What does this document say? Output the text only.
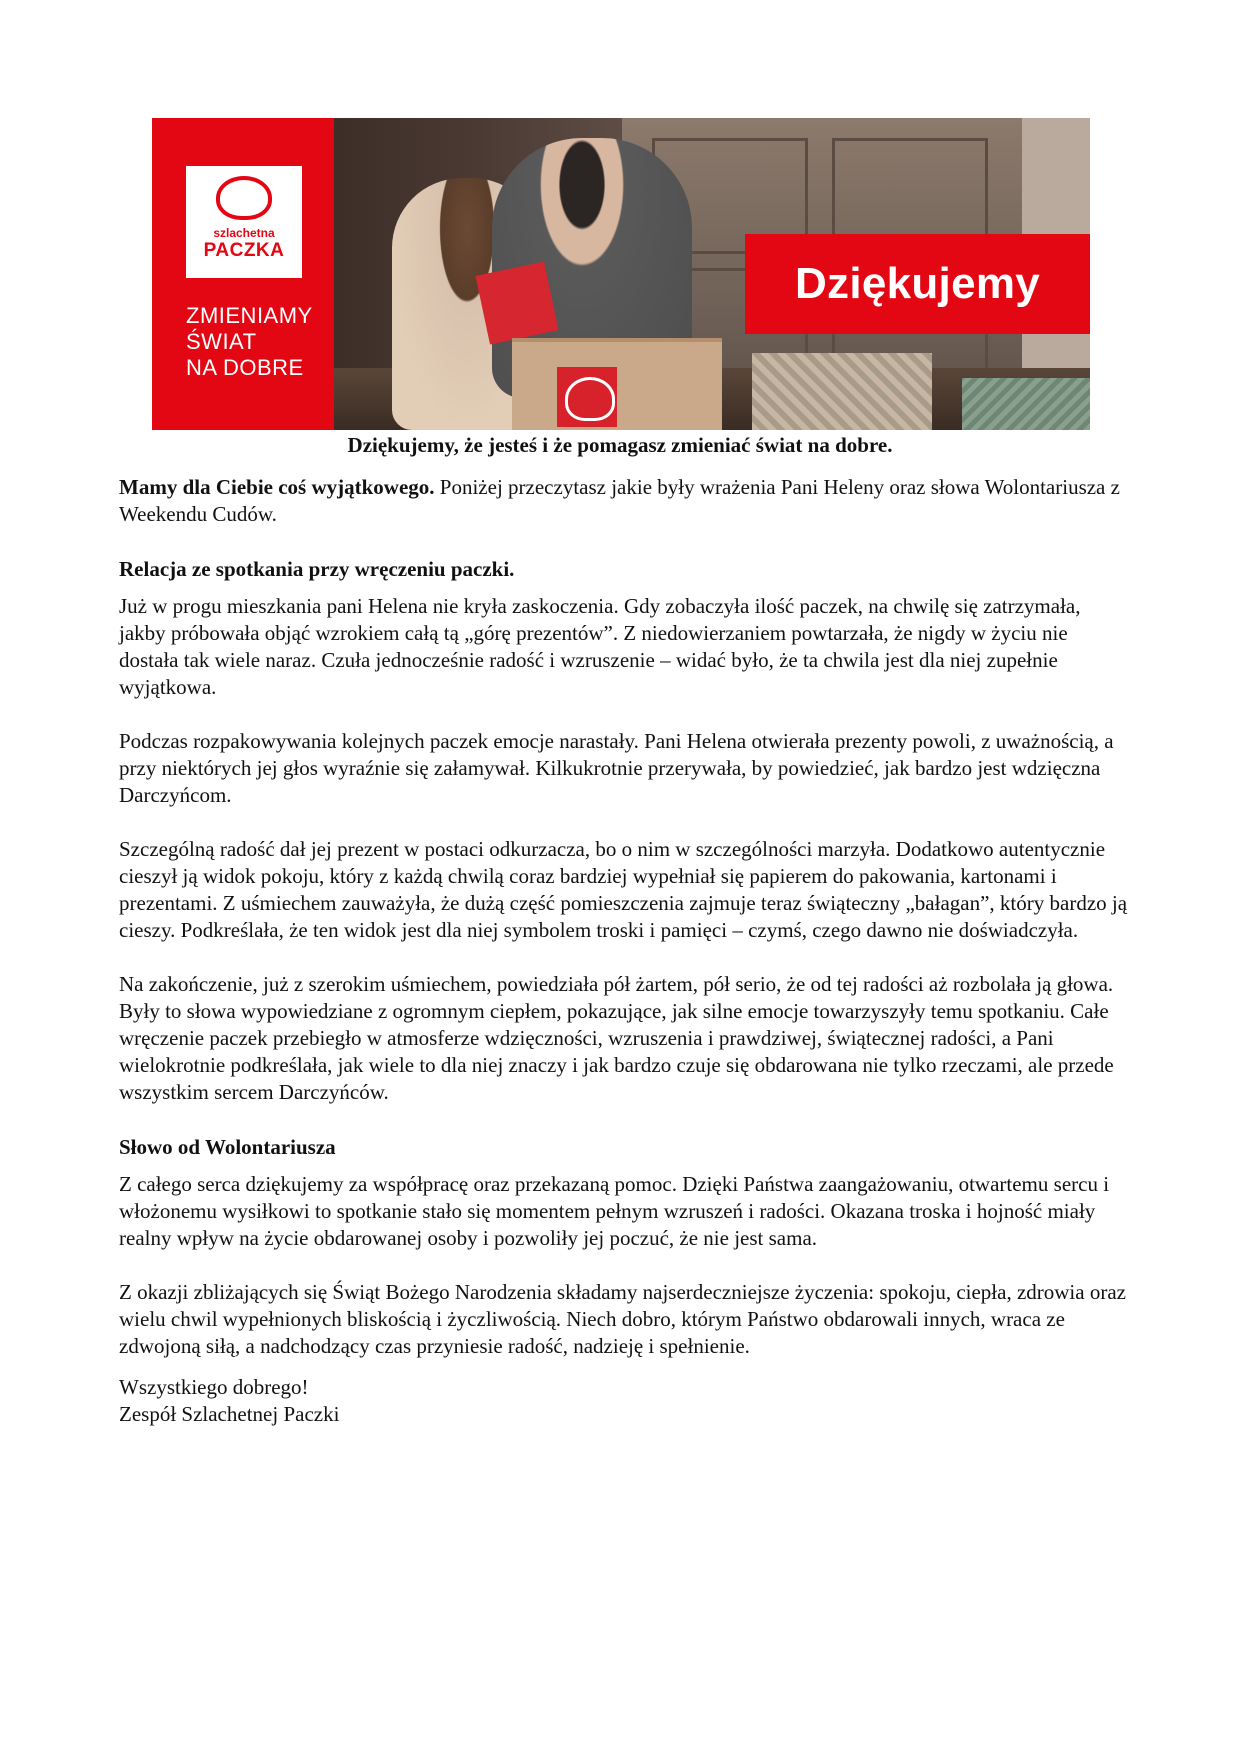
szlachetna
PACZKA
ZMIENIAMY
ŚWIAT
NA DOBRE
Dziękujemy
Dziękujemy, że jesteś i że pomagasz zmieniać świat na dobre.

Mamy dla Ciebie coś wyjątkowego. Poniżej przeczytasz jakie były wrażenia Pani Heleny oraz słowa Wolontariusza z Weekendu Cudów.

Relacja ze spotkania przy wręczeniu paczki.

Już w progu mieszkania pani Helena nie kryła zaskoczenia. Gdy zobaczyła ilość paczek, na chwilę się zatrzymała, jakby próbowała objąć wzrokiem całą tą „górę prezentów”. Z niedowierzaniem powtarzała, że nigdy w życiu nie dostała tak wiele naraz. Czuła jednocześnie radość i wzruszenie – widać było, że ta chwila jest dla niej zupełnie wyjątkowa.

Podczas rozpakowywania kolejnych paczek emocje narastały. Pani Helena otwierała prezenty powoli, z uważnością, a przy niektórych jej głos wyraźnie się załamywał. Kilkukrotnie przerywała, by powiedzieć, jak bardzo jest wdzięczna Darczyńcom.

Szczególną radość dał jej prezent w postaci odkurzacza, bo o nim w szczególności marzyła. Dodatkowo autentycznie cieszył ją widok pokoju, który z każdą chwilą coraz bardziej wypełniał się papierem do pakowania, kartonami i prezentami. Z uśmiechem zauważyła, że dużą część pomieszczenia zajmuje teraz świąteczny „bałagan”, który bardzo ją cieszy. Podkreślała, że ten widok jest dla niej symbolem troski i pamięci – czymś, czego dawno nie doświadczyła.

Na zakończenie, już z szerokim uśmiechem, powiedziała pół żartem, pół serio, że od tej radości aż rozbolała ją głowa. Były to słowa wypowiedziane z ogromnym ciepłem, pokazujące, jak silne emocje towarzyszyły temu spotkaniu. Całe wręczenie paczek przebiegło w atmosferze wdzięczności, wzruszenia i prawdziwej, świątecznej radości, a Pani wielokrotnie podkreślała, jak wiele to dla niej znaczy i jak bardzo czuje się obdarowana nie tylko rzeczami, ale przede wszystkim sercem Darczyńców.

Słowo od Wolontariusza

Z całego serca dziękujemy za współpracę oraz przekazaną pomoc. Dzięki Państwa zaangażowaniu, otwartemu sercu i włożonemu wysiłkowi to spotkanie stało się momentem pełnym wzruszeń i radości. Okazana troska i hojność miały realny wpływ na życie obdarowanej osoby i pozwoliły jej poczuć, że nie jest sama.

Z okazji zbliżających się Świąt Bożego Narodzenia składamy najserdeczniejsze życzenia: spokoju, ciepła, zdrowia oraz wielu chwil wypełnionych bliskością i życzliwością. Niech dobro, którym Państwo obdarowali innych, wraca ze zdwojoną siłą, a nadchodzący czas przyniesie radość, nadzieję i spełnienie.

Wszystkiego dobrego!

Zespół Szlachetnej Paczki
